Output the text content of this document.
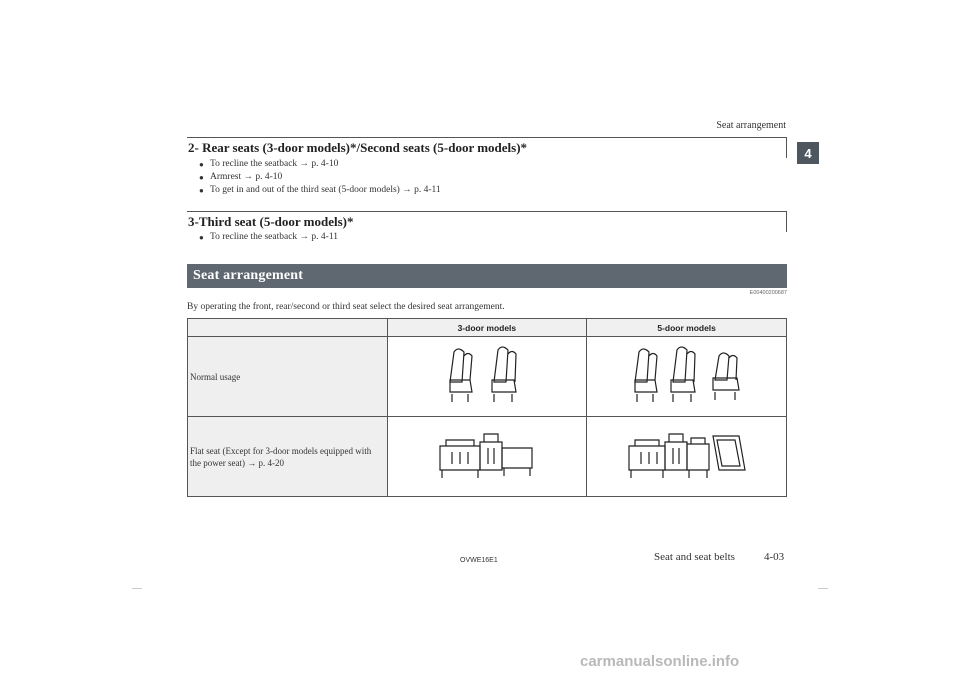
Seat arrangement
4
2- Rear seats (3-door models)*/Second seats (5-door models)*
● To recline the seatback → p. 4-10
● Armrest → p. 4-10
● To get in and out of the third seat (5-door models) → p. 4-11
3-Third seat (5-door models)*
● To recline the seatback → p. 4-11
Seat arrangement
E00400200687
By operating the front, rear/second or third seat select the desired seat arrangement.
	3-door models	5-door models
Normal usage		
Flat seat (Except for 3-door models equipped with the power seat) → p. 4-20		
OVWE16E1	Seat and seat belts	4-03
carmanualsonline.info
